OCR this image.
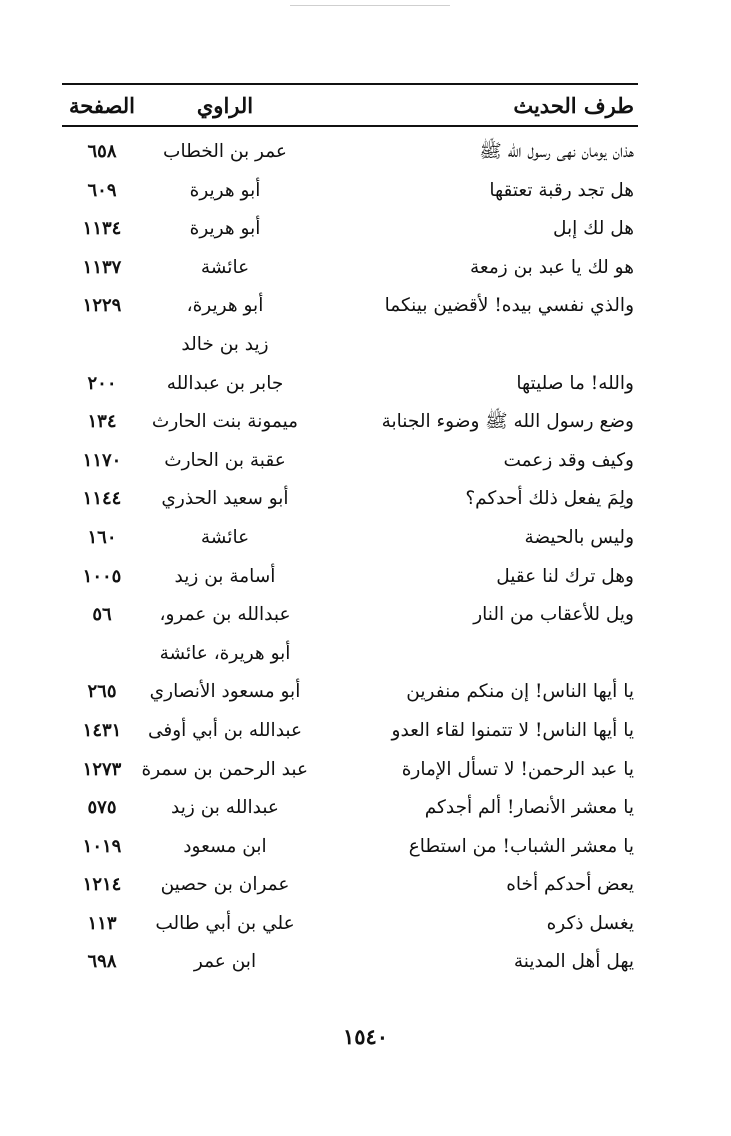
طرف الحديث
الراوي
الصفحة
هذان يومان نهى رسول الله ﷺ
عمر بن الخطاب
٦٥٨
هل تجد رقبة تعتقها
أبو هريرة
٦٠٩
هل لك إبل
أبو هريرة
١١٣٤
هو لك يا عبد بن زمعة
عائشة
١١٣٧
والذي نفسي بيده! لأقضين بينكما
أبو هريرة،
زيد بن خالد
١٢٢٩
والله! ما صليتها
جابر بن عبدالله
٢٠٠
وضع رسول الله ﷺ وضوء الجنابة
ميمونة بنت الحارث
١٣٤
وكيف وقد زعمت
عقبة بن الحارث
١١٧٠
ولِمَ يفعل ذلك أحدكم؟
أبو سعيد الحذري
١١٤٤
وليس بالحيضة
عائشة
١٦٠
وهل ترك لنا عقيل
أسامة بن زيد
١٠٠٥
ويل للأعقاب من النار
عبدالله بن عمرو،
أبو هريرة، عائشة
٥٦
يا أيها الناس! إن منكم منفرين
أبو مسعود الأنصاري
٢٦٥
يا أيها الناس! لا تتمنوا لقاء العدو
عبدالله بن أبي أوفى
١٤٣١
يا عبد الرحمن! لا تسأل الإمارة
عبد الرحمن بن سمرة
١٢٧٣
يا معشر الأنصار! ألم أجدكم
عبدالله بن زيد
٥٧٥
يا معشر الشباب! من استطاع
ابن مسعود
١٠١٩
يعض أحدكم أخاه
عمران بن حصين
١٢١٤
يغسل ذكره
علي بن أبي طالب
١١٣
يهل أهل المدينة
ابن عمر
٦٩٨
١٥٤٠
